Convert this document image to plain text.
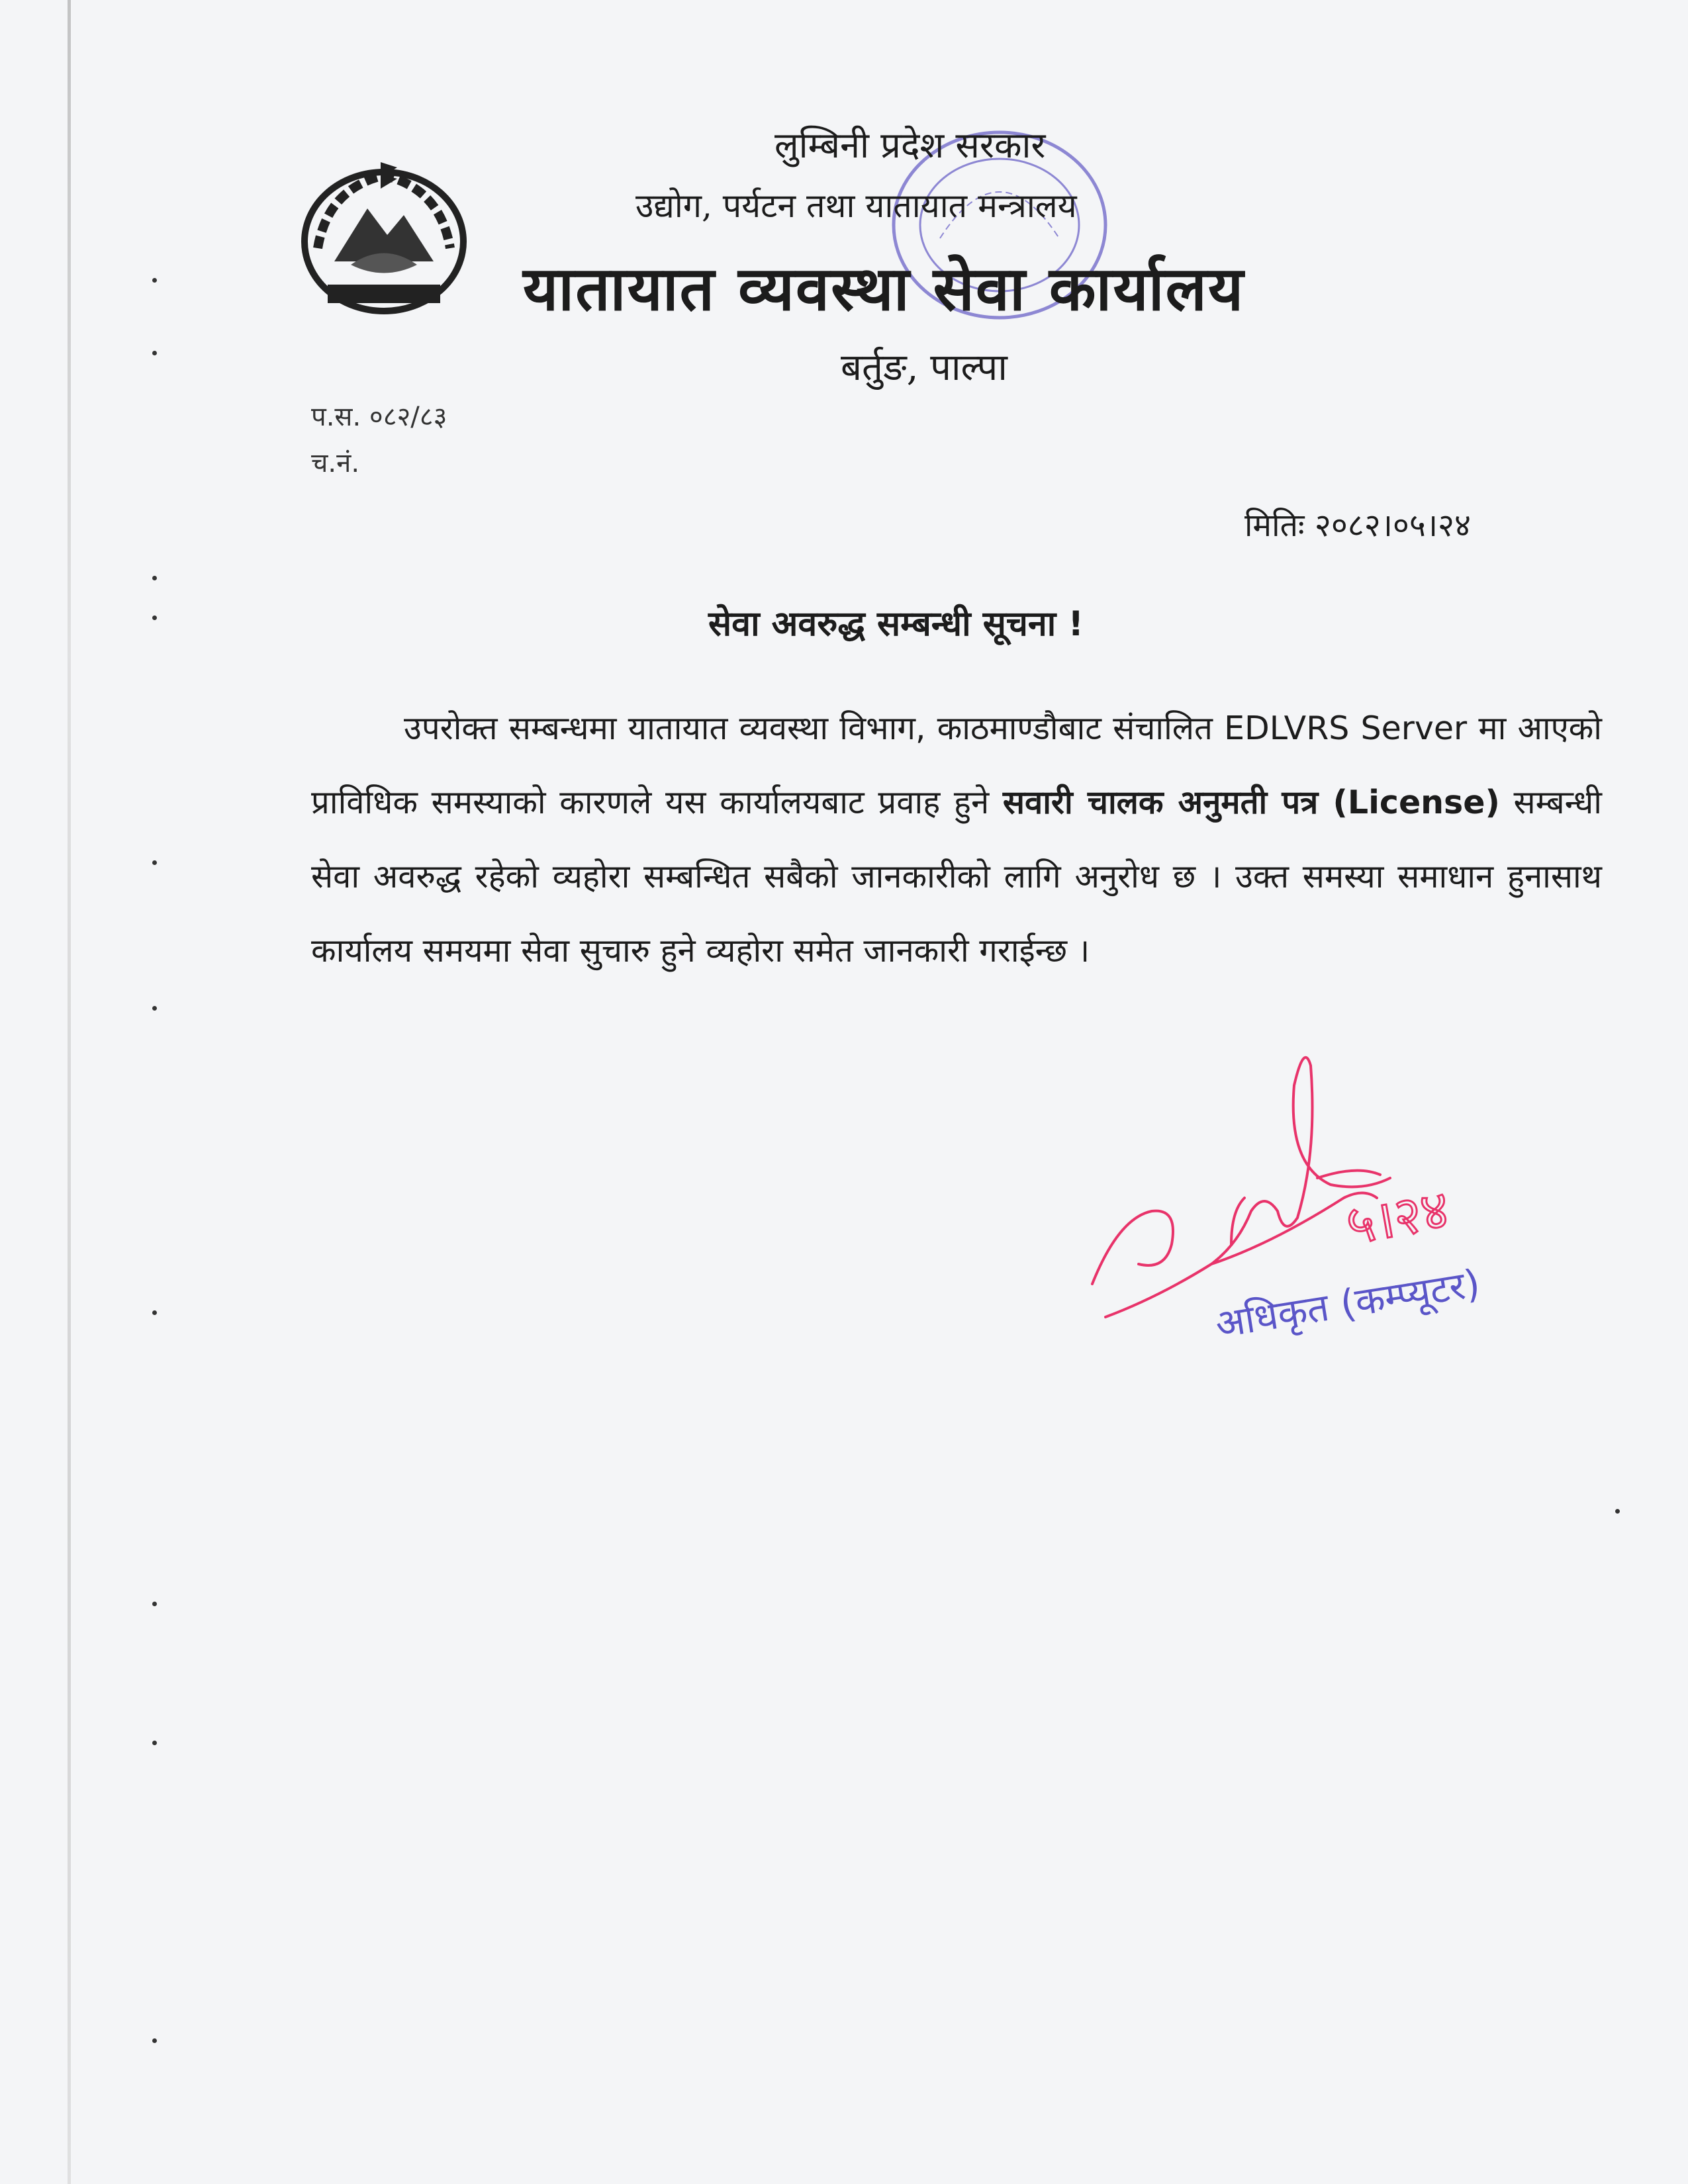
लुम्बिनी प्रदेश सरकार
उद्योग, पर्यटन तथा यातायात मन्त्रालय
यातायात व्यवस्था सेवा कार्यालय
बर्तुङ, पाल्पा
प.स. ०८२/८३
च.नं.
मितिः २०८२।०५।२४
सेवा अवरुद्ध सम्बन्धी सूचना !
उपरोक्त सम्बन्धमा यातायात व्यवस्था विभाग, काठमाण्डौबाट संचालित EDLVRS Server मा आएको प्राविधिक समस्याको कारणले यस कार्यालयबाट प्रवाह हुने सवारी चालक अनुमती पत्र (License) सम्बन्धी सेवा अवरुद्ध रहेको व्यहोरा सम्बन्धित सबैको जानकारीको लागि अनुरोध छ । उक्त समस्या समाधान हुनासाथ कार्यालय समयमा सेवा सुचारु हुने व्यहोरा समेत जानकारी गराईन्छ ।
५।२४
अधिकृत (कम्प्यूटर)
